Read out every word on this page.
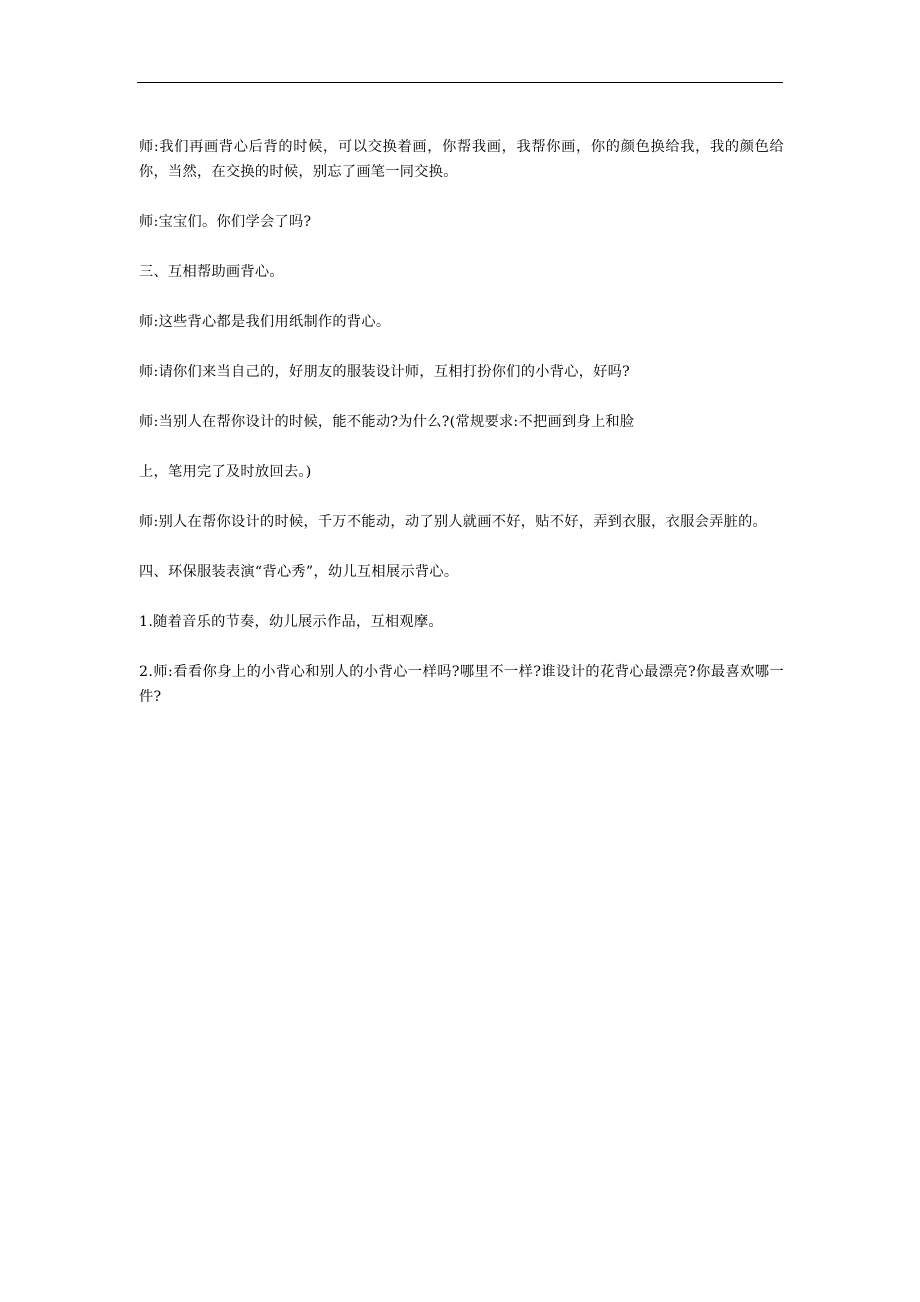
师:我们再画背心后背的时候，可以交换着画，你帮我画，我帮你画，你的颜色换给我，我的颜色给你，当然，在交换的时候，别忘了画笔一同交换。

师:宝宝们。你们学会了吗?

三、互相帮助画背心。

师:这些背心都是我们用纸制作的背心。

师:请你们来当自己的，好朋友的服装设计师，互相打扮你们的小背心，好吗?

师:当别人在帮你设计的时候，能不能动?为什么?(常规要求:不把画到身上和脸

上，笔用完了及时放回去。)

师:别人在帮你设计的时候，千万不能动，动了别人就画不好，贴不好，弄到衣服，衣服会弄脏的。

四、环保服装表演“背心秀”，幼儿互相展示背心。

1.随着音乐的节奏，幼儿展示作品，互相观摩。

2.师:看看你身上的小背心和别人的小背心一样吗?哪里不一样?谁设计的花背心最漂亮?你最喜欢哪一件?
